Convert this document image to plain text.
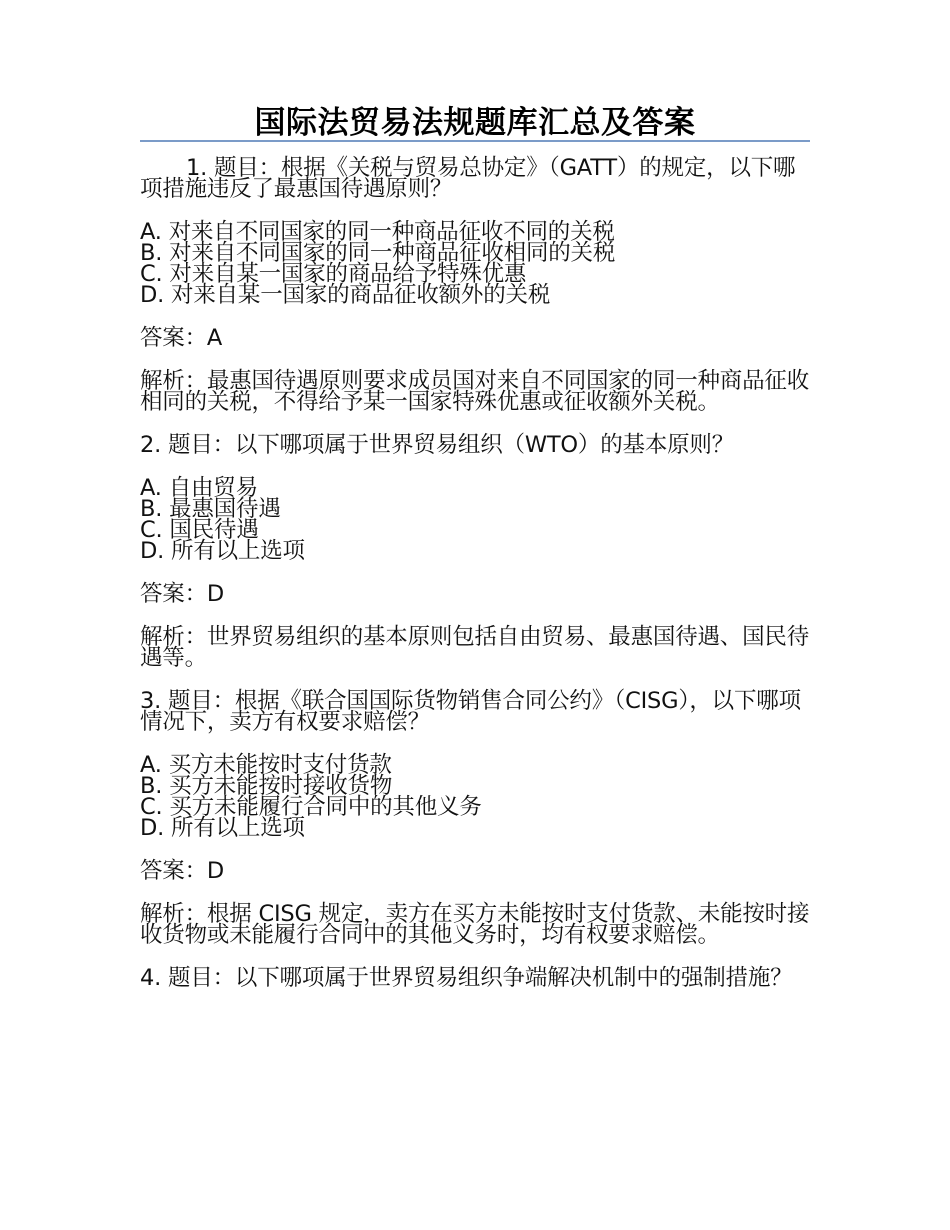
国际法贸易法规题库汇总及答案
1. 题目：根据《关税与贸易总协定》（GATT）的规定，以下哪项措施违反了最惠国待遇原则？
A. 对来自不同国家的同一种商品征收不同的关税
B. 对来自不同国家的同一种商品征收相同的关税
C. 对来自某一国家的商品给予特殊优惠
D. 对来自某一国家的商品征收额外的关税
答案：A
解析：最惠国待遇原则要求成员国对来自不同国家的同一种商品征收相同的关税，不得给予某一国家特殊优惠或征收额外关税。
2. 题目：以下哪项属于世界贸易组织（WTO）的基本原则？
A. 自由贸易
B. 最惠国待遇
C. 国民待遇
D. 所有以上选项
答案：D
解析：世界贸易组织的基本原则包括自由贸易、最惠国待遇、国民待遇等。
3. 题目：根据《联合国国际货物销售合同公约》（CISG），以下哪项情况下，卖方有权要求赔偿？
A. 买方未能按时支付货款
B. 买方未能按时接收货物
C. 买方未能履行合同中的其他义务
D. 所有以上选项
答案：D
解析：根据 CISG 规定，卖方在买方未能按时支付货款、未能按时接收货物或未能履行合同中的其他义务时，均有权要求赔偿。
4. 题目：以下哪项属于世界贸易组织争端解决机制中的强制措施？
